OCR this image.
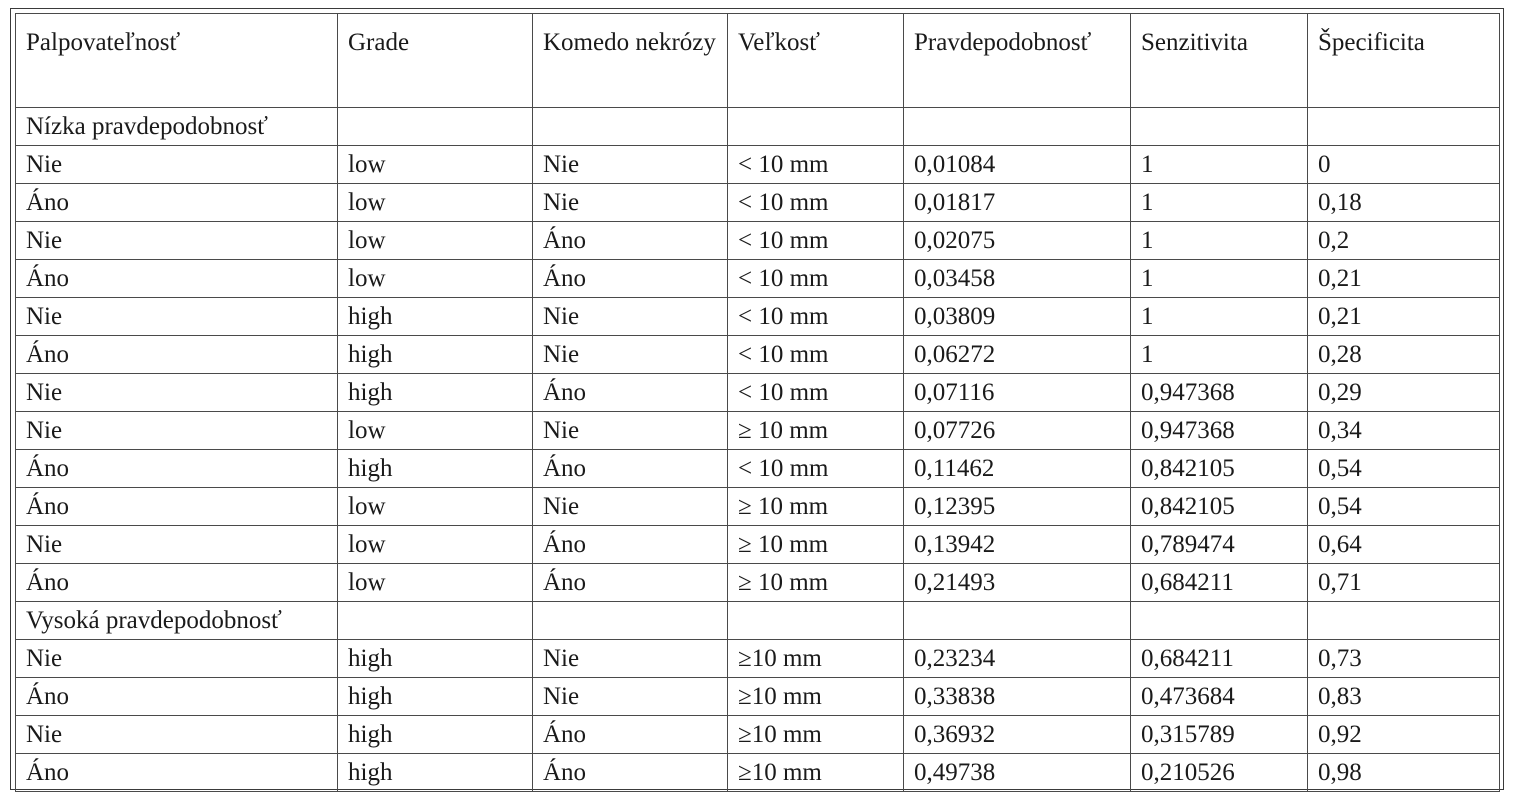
Palpovateľnosť	Grade	Komedo nekrózy	Veľkosť	Pravdepodobnosť	Senzitivita	Špecificita
Nízka pravdepodobnosť						
Nie	low	Nie	< 10 mm	0,01084	1	0
Áno	low	Nie	< 10 mm	0,01817	1	0,18
Nie	low	Áno	< 10 mm	0,02075	1	0,2
Áno	low	Áno	< 10 mm	0,03458	1	0,21
Nie	high	Nie	< 10 mm	0,03809	1	0,21
Áno	high	Nie	< 10 mm	0,06272	1	0,28
Nie	high	Áno	< 10 mm	0,07116	0,947368	0,29
Nie	low	Nie	≥ 10 mm	0,07726	0,947368	0,34
Áno	high	Áno	< 10 mm	0,11462	0,842105	0,54
Áno	low	Nie	≥ 10 mm	0,12395	0,842105	0,54
Nie	low	Áno	≥ 10 mm	0,13942	0,789474	0,64
Áno	low	Áno	≥ 10 mm	0,21493	0,684211	0,71
Vysoká pravdepodobnosť						
Nie	high	Nie	≥10 mm	0,23234	0,684211	0,73
Áno	high	Nie	≥10 mm	0,33838	0,473684	0,83
Nie	high	Áno	≥10 mm	0,36932	0,315789	0,92
Áno	high	Áno	≥10 mm	0,49738	0,210526	0,98
